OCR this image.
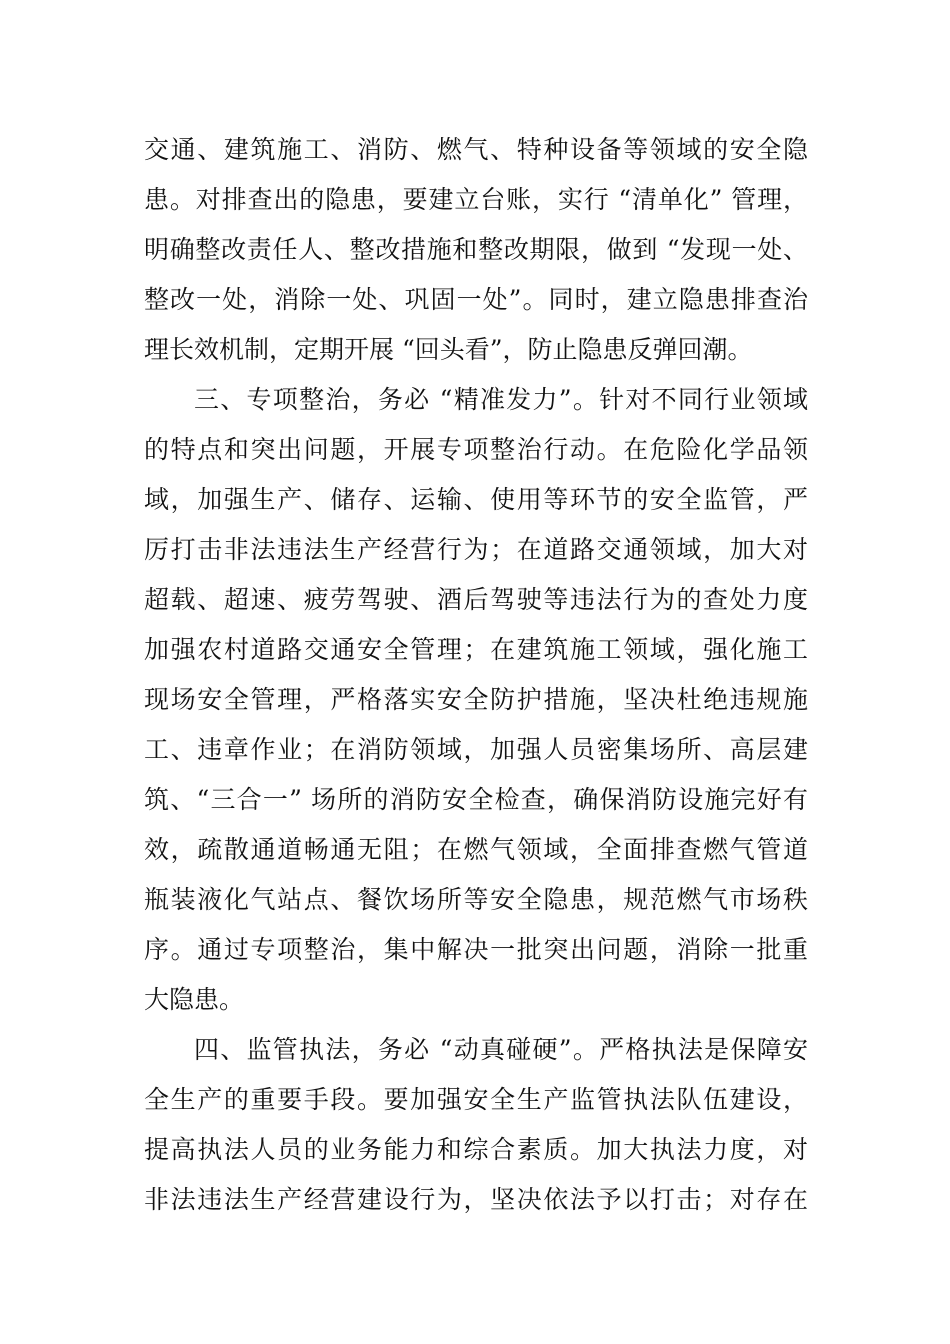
交通、建筑施工、消防、燃气、特种设备等领域的安全隐
患。对排查出的隐患，要建立台账，实行 “清单化” 管理，
明确整改责任人、整改措施和整改期限，做到 “发现一处、
整改一处，消除一处、巩固一处”。同时，建立隐患排查治
理长效机制，定期开展 “回头看”，防止隐患反弹回潮。
三、专项整治，务必 “精准发力”。针对不同行业领域
的特点和突出问题，开展专项整治行动。在危险化学品领
域，加强生产、储存、运输、使用等环节的安全监管，严
厉打击非法违法生产经营行为；在道路交通领域，加大对
超载、超速、疲劳驾驶、酒后驾驶等违法行为的查处力度
加强农村道路交通安全管理；在建筑施工领域，强化施工
现场安全管理，严格落实安全防护措施，坚决杜绝违规施
工、违章作业；在消防领域，加强人员密集场所、高层建
筑、“三合一” 场所的消防安全检查，确保消防设施完好有
效，疏散通道畅通无阻；在燃气领域，全面排查燃气管道
瓶装液化气站点、餐饮场所等安全隐患，规范燃气市场秩
序。通过专项整治，集中解决一批突出问题，消除一批重
大隐患。
四、监管执法，务必 “动真碰硬”。严格执法是保障安
全生产的重要手段。要加强安全生产监管执法队伍建设，
提高执法人员的业务能力和综合素质。加大执法力度，对
非法违法生产经营建设行为，坚决依法予以打击；对存在
